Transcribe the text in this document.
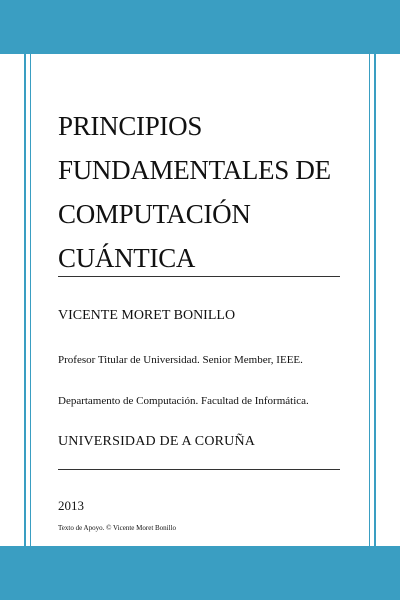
PRINCIPIOS
FUNDAMENTALES DE
COMPUTACIÓN CUÁNTICA
VICENTE MORET BONILLO
Profesor Titular de Universidad. Senior Member, IEEE.
Departamento de Computación. Facultad de Informática.
UNIVERSIDAD DE A CORUÑA
2013
Texto de Apoyo. © Vicente Moret Bonillo
